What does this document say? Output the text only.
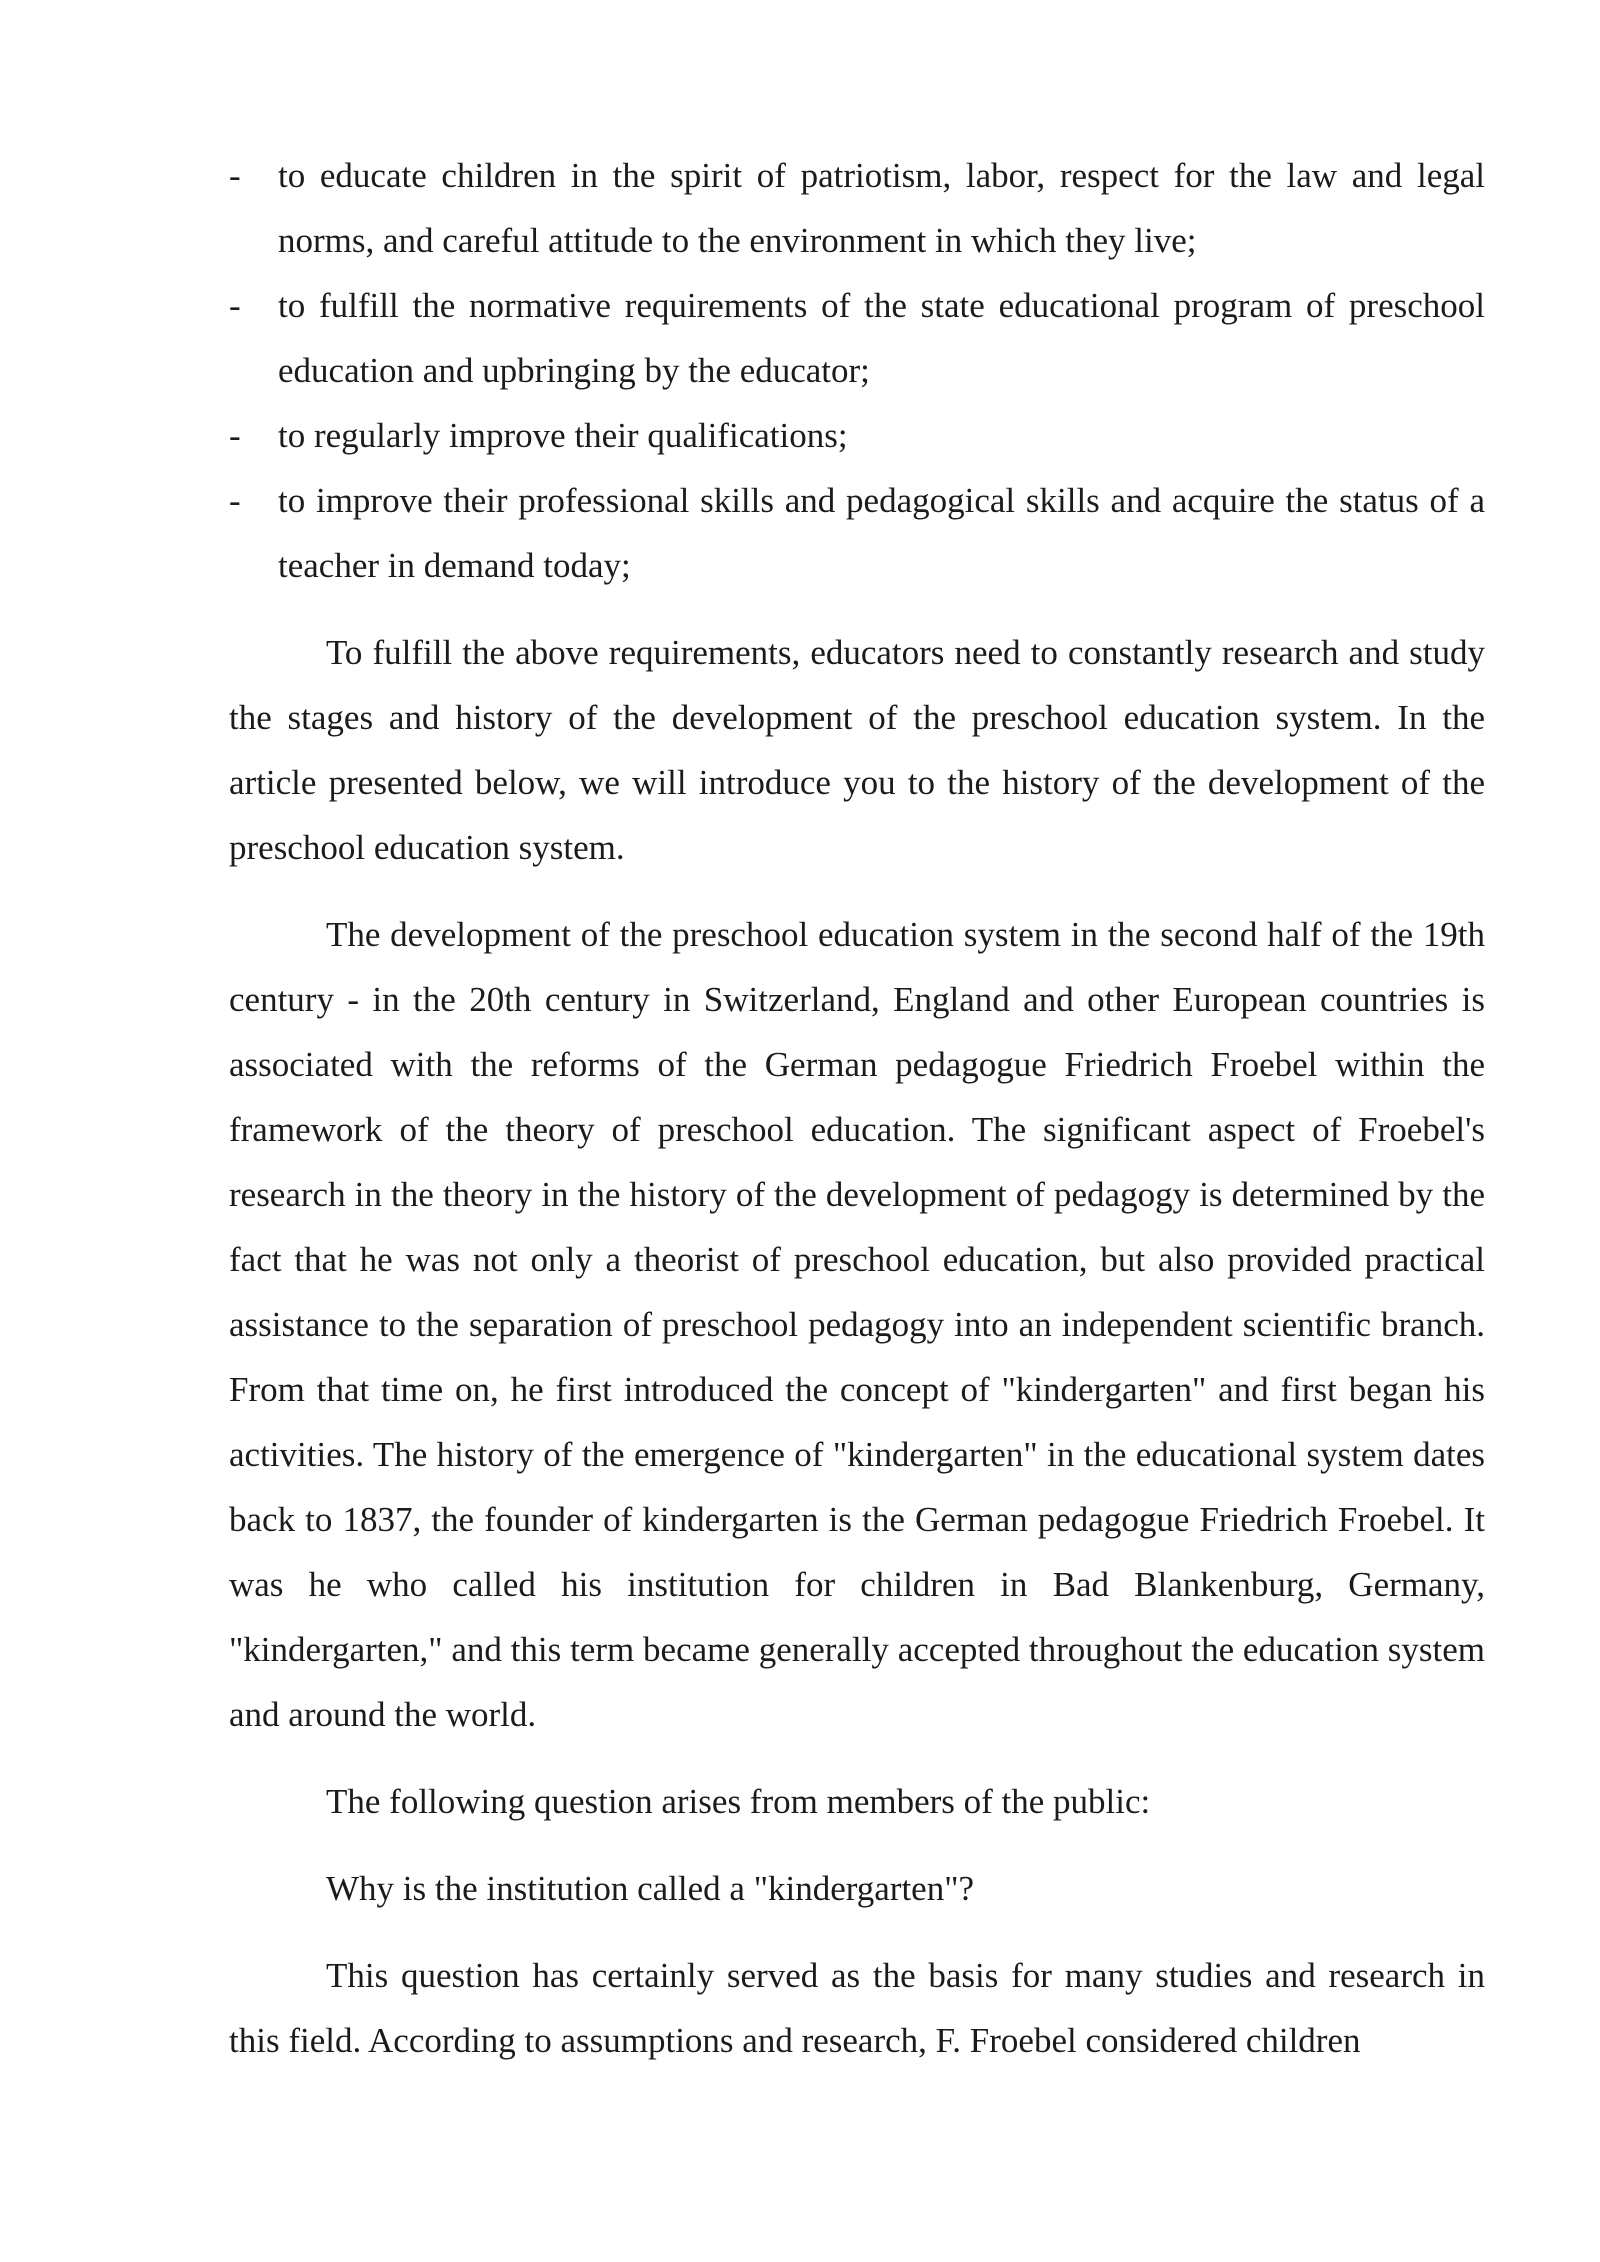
- to educate children in the spirit of patriotism, labor, respect for the law and legal norms, and careful attitude to the environment in which they live;
- to fulfill the normative requirements of the state educational program of preschool education and upbringing by the educator;
- to regularly improve their qualifications;
- to improve their professional skills and pedagogical skills and acquire the status of a teacher in demand today;

To fulfill the above requirements, educators need to constantly research and study the stages and history of the development of the preschool education system. In the article presented below, we will introduce you to the history of the development of the preschool education system.

The development of the preschool education system in the second half of the 19th century - in the 20th century in Switzerland, England and other European countries is associated with the reforms of the German pedagogue Friedrich Froebel within the framework of the theory of preschool education. The significant aspect of Froebel's research in the theory in the history of the development of pedagogy is determined by the fact that he was not only a theorist of preschool education, but also provided practical assistance to the separation of preschool pedagogy into an independent scientific branch. From that time on, he first introduced the concept of "kindergarten" and first began his activities. The history of the emergence of "kindergarten" in the educational system dates back to 1837, the founder of kindergarten is the German pedagogue Friedrich Froebel. It was he who called his institution for children in Bad Blankenburg, Germany, "kindergarten," and this term became generally accepted throughout the education system and around the world.

The following question arises from members of the public:

Why is the institution called a "kindergarten"?

This question has certainly served as the basis for many studies and research in this field. According to assumptions and research, F. Froebel considered children
